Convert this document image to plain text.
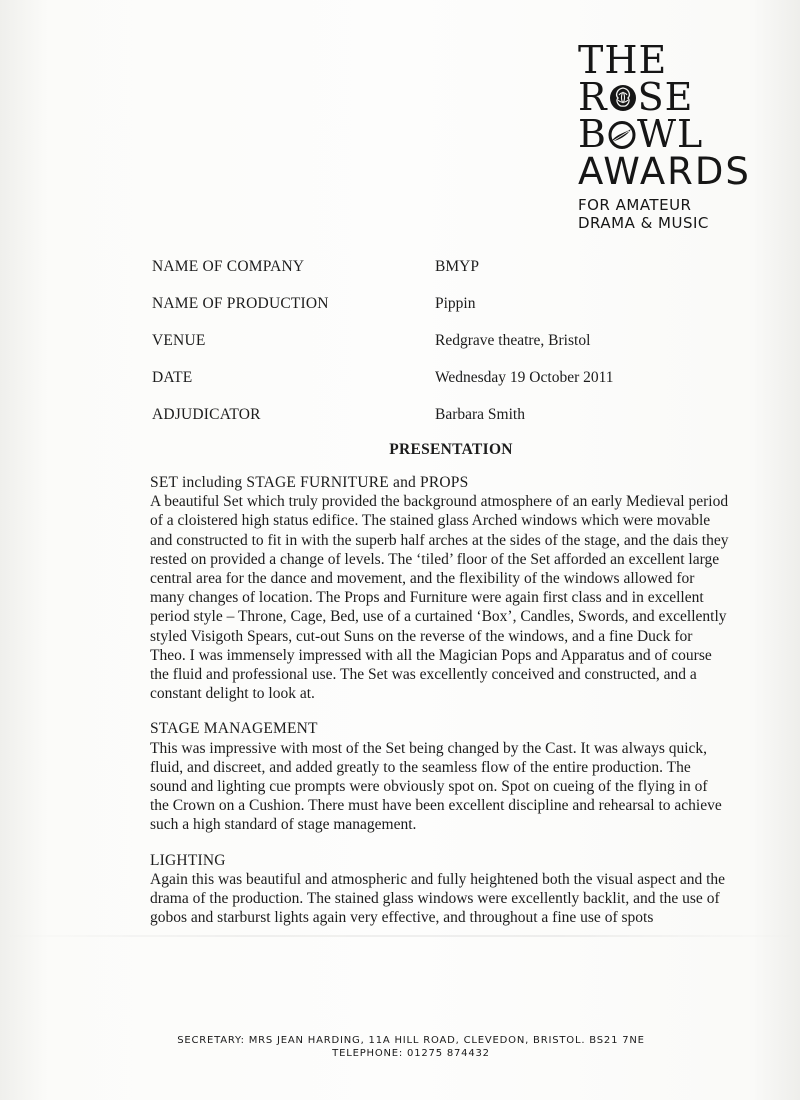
THE
R SE
B WL
AWARDS
FOR AMATEUR
DRAMA & MUSIC
NAME OF COMPANY	BMYP
NAME OF PRODUCTION	Pippin
VENUE	Redgrave theatre, Bristol
DATE	Wednesday 19 October 2011
ADJUDICATOR	Barbara Smith
PRESENTATION
SET including STAGE FURNITURE and PROPS

A beautiful Set which truly provided the background atmosphere of an early Medieval period of a cloistered high status edifice. The stained glass Arched windows which were movable and constructed to fit in with the superb half arches at the sides of the stage, and the dais they rested on provided a change of levels. The ‘tiled’ floor of the Set afforded an excellent large central area for the dance and movement, and the flexibility of the windows allowed for many changes of location. The Props and Furniture were again first class and in excellent period style – Throne, Cage, Bed, use of a curtained ‘Box’, Candles, Swords, and excellently styled Visigoth Spears, cut-out Suns on the reverse of the windows, and a fine Duck for Theo. I was immensely impressed with all the Magician Pops and Apparatus and of course the fluid and professional use. The Set was excellently conceived and constructed, and a constant delight to look at.

STAGE MANAGEMENT

This was impressive with most of the Set being changed by the Cast. It was always quick, fluid, and discreet, and added greatly to the seamless flow of the entire production. The sound and lighting cue prompts were obviously spot on. Spot on cueing of the flying in of the Crown on a Cushion. There must have been excellent discipline and rehearsal to achieve such a high standard of stage management.

LIGHTING

Again this was beautiful and atmospheric and fully heightened both the visual aspect and the drama of the production. The stained glass windows were excellently backlit, and the use of gobos and starburst lights again very effective, and throughout a fine use of spots

SECRETARY: MRS JEAN HARDING, 11A HILL ROAD, CLEVEDON, BRISTOL. BS21 7NE
TELEPHONE: 01275 874432
